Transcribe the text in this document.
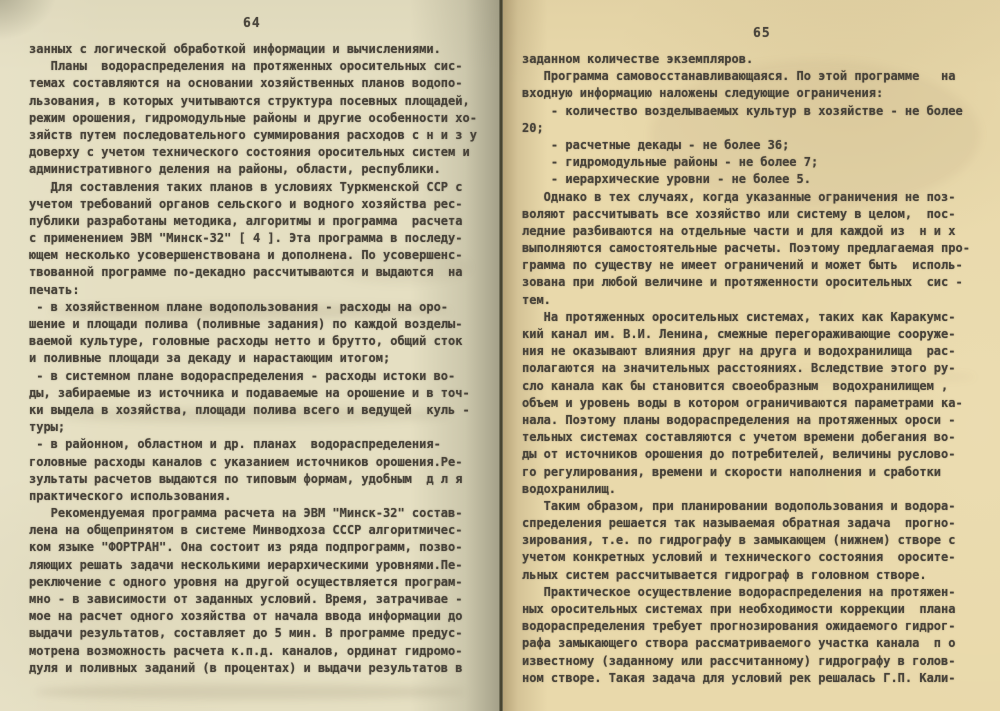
64
65
занных с логической обработкой информации и вычислениями.
Планы  водораспределения на протяженных оросительных сис-
темах составляются на основании хозяйственных планов водопо-
льзования, в которых учитываются структура посевных площадей,
режим орошения, гидромодульные районы и другие особенности хо-
зяйств путем последовательного суммирования расходов с н и з у
доверху с учетом технического состояния оросительных систем и
административного деления на районы, области, республики.
Для составления таких планов в условиях Туркменской ССР с
учетом требований органов сельского и водного хозяйства рес-
публики разработаны методика, алгоритмы и программа  расчета
с применением ЭВМ "Минск-32" [ 4 ]. Эта программа в последу-
ющем несколько усовершенствована и дополнена. По усовершенс-
твованной программе по-декадно рассчитываются и выдаются  на
печать:
- в хозяйственном плане водопользования - расходы на оро-
шение и площади полива (поливные задания) по каждой возделы-
ваемой культуре, головные расходы нетто и брутто, общий сток
и поливные площади за декаду и нарастающим итогом;
- в системном плане водораспределения - расходы истоки во-
ды, забираемые из источника и подаваемые на орошение и в точ-
ки выдела в хозяйства, площади полива всего и ведущей  куль -
туры;
- в районном, областном и др. планах  водораспределения-
головные расходы каналов с указанием источников орошения.Ре-
зультаты расчетов выдаются по типовым формам, удобным  д л я
практического использования.
Рекомендуемая программа расчета на ЭВМ "Минск-32" состав-
лена на общепринятом в системе Минводхоза СССР алгоритмичес-
ком языке "ФОРТРАН". Она состоит из ряда подпрограмм, позво-
ляющих решать задачи несколькими иерархическими уровнями.Пе-
реключение с одного уровня на другой осуществляется програм-
мно - в зависимости от заданных условий. Время, затрачивае -
мое на расчет одного хозяйства от начала ввода информации до
выдачи результатов, составляет до 5 мин. В программе предус-
мотрена возможность расчета к.п.д. каналов, ординат гидромо-
дуля и поливных заданий (в процентах) и выдачи результатов в
заданном количестве экземпляров.
Программа самовосстанавливающаяся. По этой программе   на
входную информацию наложены следующие ограничения:
- количество возделываемых культур в хозяйстве - не более
20;
- расчетные декады - не более 36;
- гидромодульные районы - не более 7;
- иерархические уровни - не более 5.
Однако в тех случаях, когда указанные ограничения не поз-
воляют рассчитывать все хозяйство или систему в целом,  пос-
ледние разбиваются на отдельные части и для каждой из  н и х
выполняются самостоятельные расчеты. Поэтому предлагаемая про-
грамма по существу не имеет ограничений и может быть  исполь-
зована при любой величине и протяженности оросительных  сис -
тем.
На протяженных оросительных системах, таких как Каракумс-
кий канал им. В.И. Ленина, смежные перегораживающие сооруже-
ния не оказывают влияния друг на друга и водохранилища  рас-
полагаются на значительных расстояниях. Вследствие этого ру-
сло канала как бы становится своеобразным  водохранилищем ,
объем и уровень воды в котором ограничиваются параметрами ка-
нала. Поэтому планы водораспределения на протяженных ороси -
тельных системах составляются с учетом времени добегания во-
ды от источников орошения до потребителей, величины руслово-
го регулирования, времени и скорости наполнения и сработки
водохранилищ.
Таким образом, при планировании водопользования и водора-
спределения решается так называемая обратная задача  прогно-
зирования, т.е. по гидрографу в замыкающем (нижнем) створе с
учетом конкретных условий и технического состояния  оросите-
льных систем рассчитывается гидрограф в головном створе.
Практическое осуществление водораспределения на протяжен-
ных оросительных системах при необходимости коррекции  плана
водораспределения требует прогнозирования ожидаемого гидрог-
рафа замыкающего створа рассматриваемого участка канала  п о
известному (заданному или рассчитанному) гидрографу в голов-
ном створе. Такая задача для условий рек решалась Г.П. Кали-
